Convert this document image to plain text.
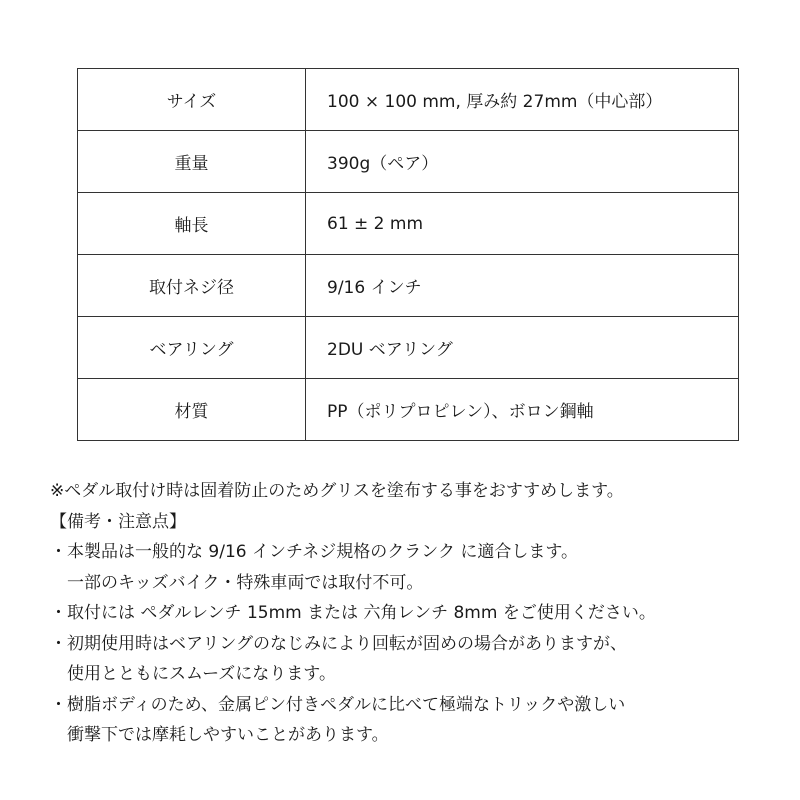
サイズ	100 × 100 mm, 厚み約 27mm（中心部）
重量	390g（ペア）
軸長	61 ± 2 mm
取付ネジ径	9/16 インチ
ベアリング	2DU ベアリング
材質	PP（ポリプロピレン）、ボロン鋼軸
※ペダル取付け時は固着防止のためグリスを塗布する事をおすすめします。
【備考・注意点】
・本製品は一般的な 9/16 インチネジ規格のクランク に適合します。
一部のキッズバイク・特殊車両では取付不可。
・取付には ペダルレンチ 15mm または 六角レンチ 8mm をご使用ください。
・初期使用時はベアリングのなじみにより回転が固めの場合がありますが、
使用とともにスムーズになります。
・樹脂ボディのため、金属ピン付きペダルに比べて極端なトリックや激しい
衝撃下では摩耗しやすいことがあります。
